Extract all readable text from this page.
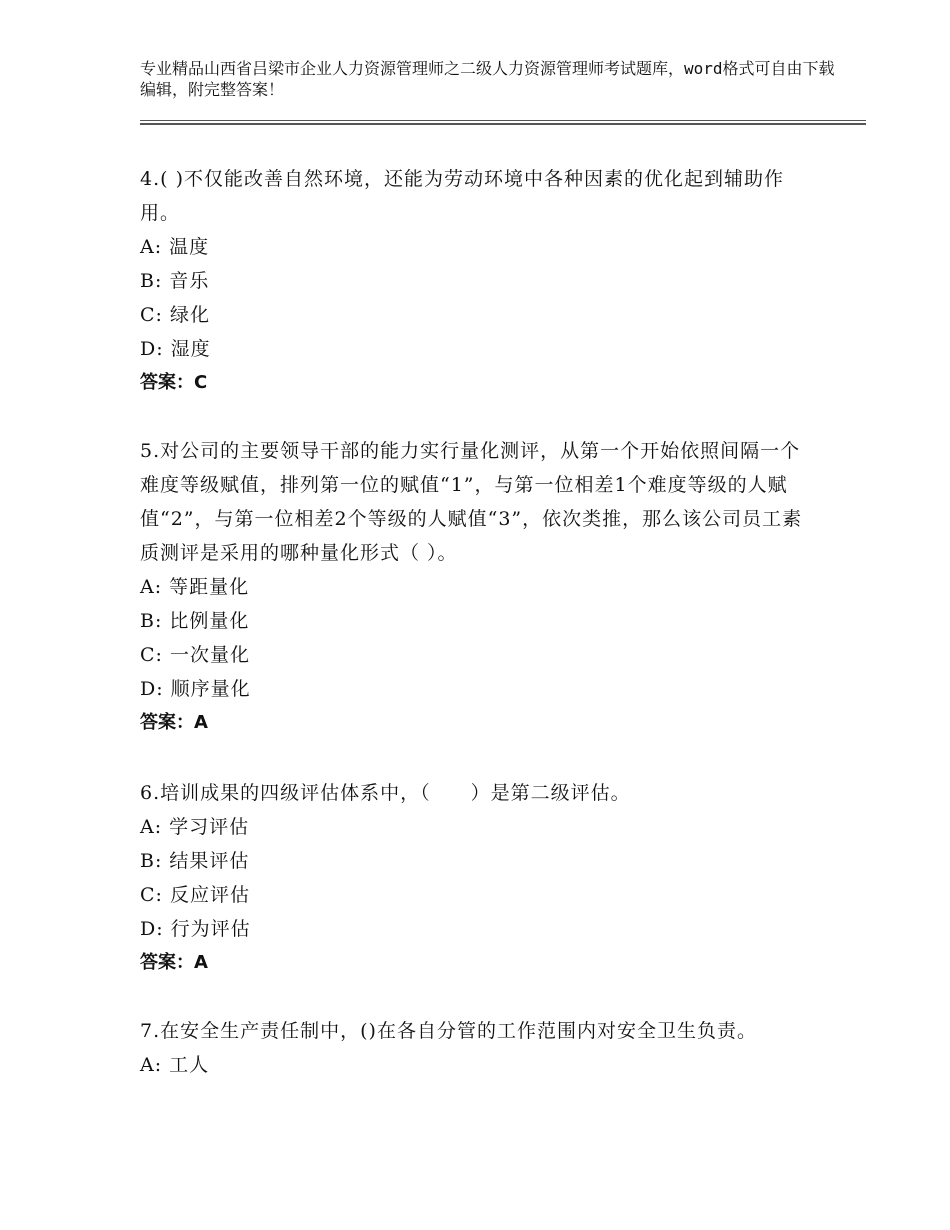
专业精品山西省吕梁市企业人力资源管理师之二级人力资源管理师考试题库，word格式可自由下载编辑，附完整答案！

4.( )不仅能改善自然环境，还能为劳动环境中各种因素的优化起到辅助作用。

A: 温度

B: 音乐

C: 绿化

D: 湿度

答案：C

5.对公司的主要领导干部的能力实行量化测评，从第一个开始依照间隔一个难度等级赋值，排列第一位的赋值“1”，与第一位相差1个难度等级的人赋值“2”，与第一位相差2个等级的人赋值“3”，依次类推，那么该公司员工素质测评是采用的哪种量化形式（ ）。

A: 等距量化

B: 比例量化

C: 一次量化

D: 顺序量化

答案：A

6.培训成果的四级评估体系中，（　　）是第二级评估。

A: 学习评估

B: 结果评估

C: 反应评估

D: 行为评估

答案：A

7.在安全生产责任制中，()在各自分管的工作范围内对安全卫生负责。

A: 工人
